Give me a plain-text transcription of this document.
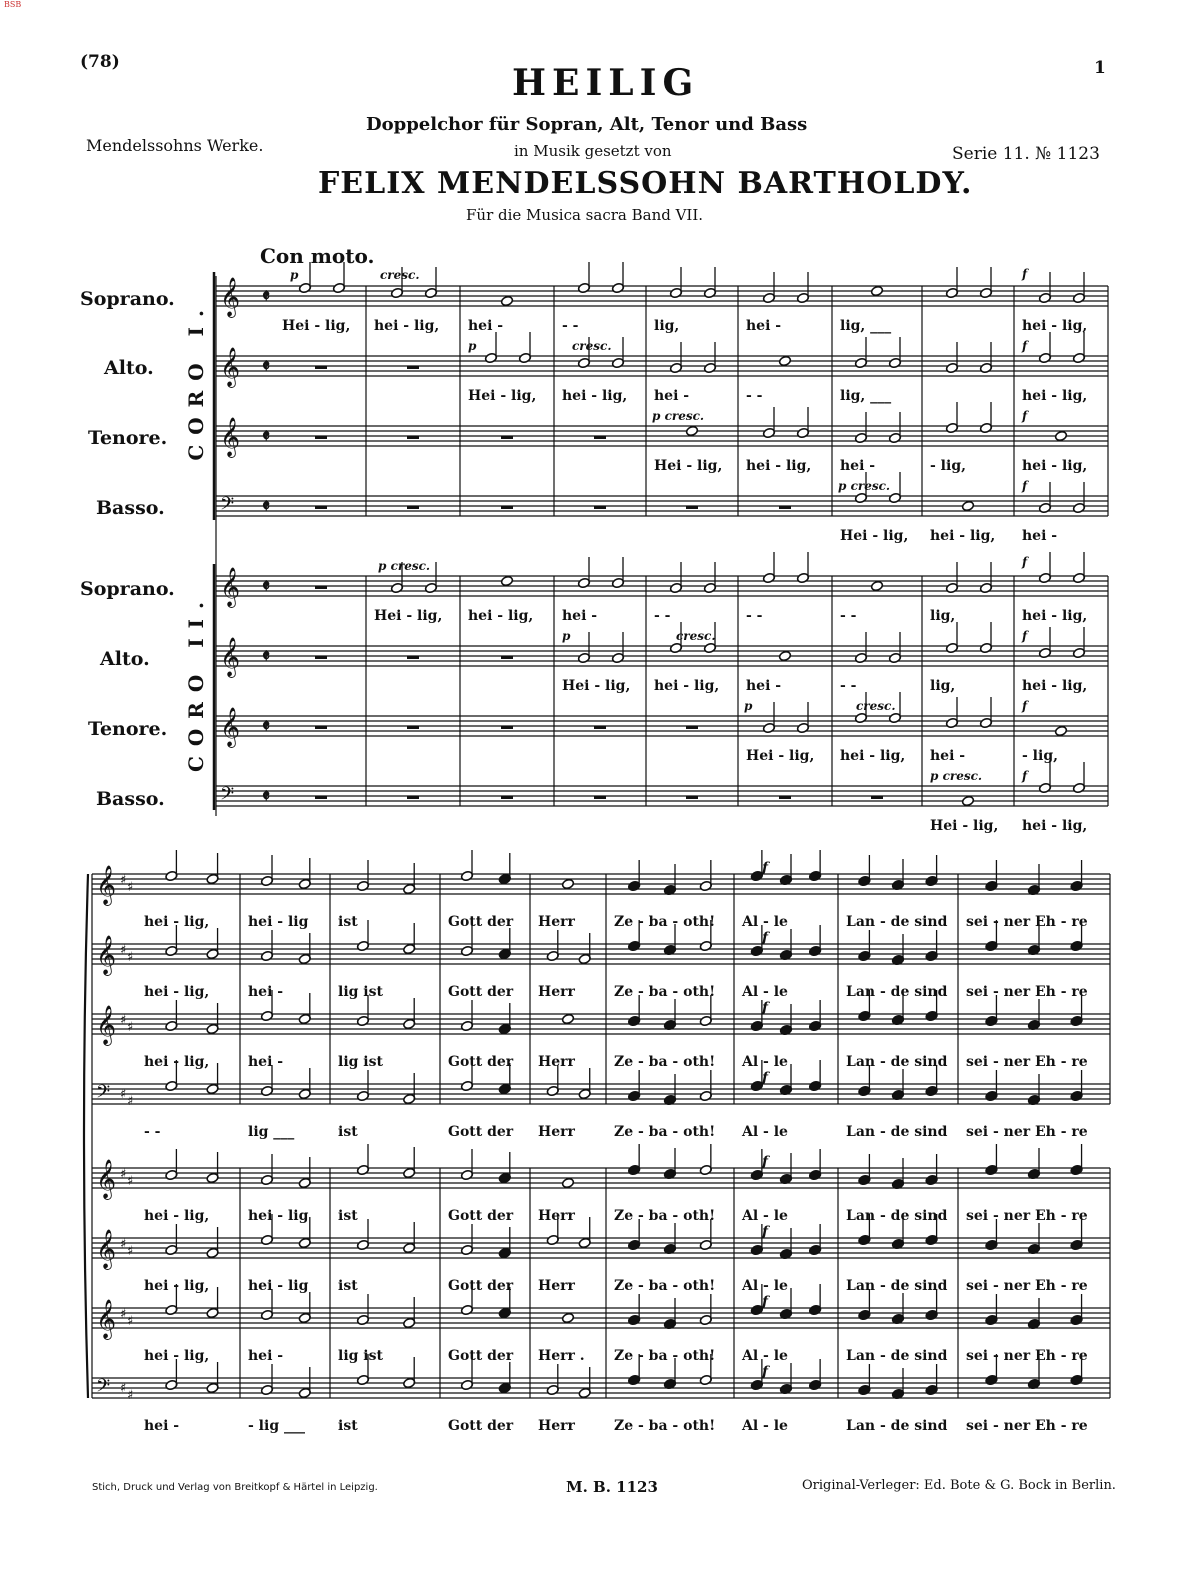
BSB
(78)	1
Mendelssohns Werke.	Serie 11. № 1123
HEILIG
Doppelchor für Sopran, Alt, Tenor und Bass
in Musik gesetzt von
FELIX MENDELSSOHN BARTHOLDY.
Für die Musica sacra Band VII.
Con moto.
Soprano.
Alto.
Tenore.
Basso.
Soprano.
Alto.
Tenore.
Basso.
CORO I.
CORO II.
𝄞 𝄵
𝄞 𝄵
𝄞 𝄵
𝄢 𝄵
𝄞 𝄵
𝄞 𝄵
𝄞 𝄵
𝄢 𝄵
Hei - lig, hei - lig, hei -	- -	lig,	hei -	lig, ___	hei - lig,
Hei - lig, hei - lig, hei -	- -	lig, ___	hei - lig,
Hei - lig, hei - lig, hei -	- lig,	hei - lig,
Hei - lig, hei - lig, hei -
Hei - lig, hei - lig, hei -	- -	- -	- -	lig,	hei - lig,
Hei - lig, hei - lig, hei -	- -	lig,	hei - lig,
Hei - lig, hei - lig, hei -	- lig,
Hei - lig, hei - lig,
p	cresc.	f
p	cresc.	f
p cresc.	f
p cresc.	f
p cresc.	f
p	cresc.	f
p	cresc.	f
p cresc.	f
𝄞 ♯ ♯
𝄞 ♯ ♯
𝄞 ♯ ♯
𝄢 ♯ ♯
𝄞 ♯ ♯
𝄞 ♯ ♯
𝄞 ♯ ♯
𝄢 ♯ ♯
hei - lig,	hei - lig ist	Gott der Herr	Ze - ba - oth! Al - le	Lan - de sind sei - ner Eh - re
hei - lig,	hei -	lig ist	Gott der Herr	Ze - ba - oth! Al - le	Lan - de sind sei - ner Eh - re
hei - lig,	hei -	lig ist	Gott der Herr	Ze - ba - oth! Al - le	Lan - de sind sei - ner Eh - re
- -	lig ___	ist	Gott der Herr	Ze - ba - oth! Al - le	Lan - de sind sei - ner Eh - re
hei - lig,	hei - lig ist	Gott der Herr	Ze - ba - oth! Al - le	Lan - de sind sei - ner Eh - re
hei - lig,	hei - lig ist	Gott der Herr	Ze - ba - oth! Al - le	Lan - de sind sei - ner Eh - re
hei - lig,	hei -	lig ist	Gott der Herr . Ze - ba - oth! Al - le	Lan - de sind sei - ner Eh - re
hei -	- lig ___ ist	Gott der Herr	Ze - ba - oth! Al - le	Lan - de sind sei - ner Eh - re
f
f
f
f
f
f
f
f
Stich, Druck und Verlag von Breitkopf & Härtel in Leipzig.	M. B. 1123	Original-Verleger: Ed. Bote & G. Bock in Berlin.
